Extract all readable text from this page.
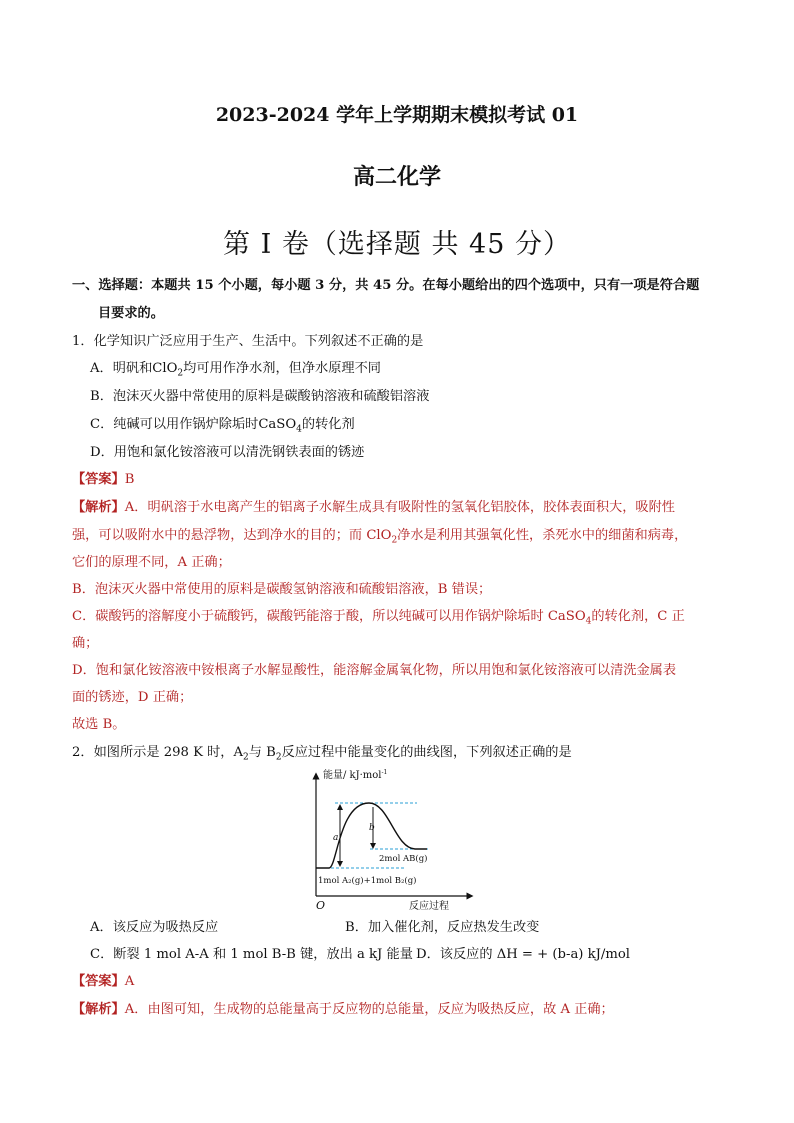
2023-2024 学年上学期期末模拟考试 01
高二化学
第 I 卷（选择题 共 45 分）
一、选择题：本题共 15 个小题，每小题 3 分，共 45 分。在每小题给出的四个选项中，只有一项是符合题
目要求的。
1．化学知识广泛应用于生产、生活中。下列叙述不正确的是
A．明矾和ClO$_2$均可用作净水剂，但净水原理不同
B．泡沫灭火器中常使用的原料是碳酸钠溶液和硫酸铝溶液
C．纯碱可以用作锅炉除垢时CaSO$_4$的转化剂
D．用饱和氯化铵溶液可以清洗钢铁表面的锈迹
【答案】B
【解析】A．明矾溶于水电离产生的铝离子水解生成具有吸附性的氢氧化铝胶体，胶体表面积大，吸附性
强，可以吸附水中的悬浮物，达到净水的目的；而 ClO$_2$净水是利用其强氧化性，杀死水中的细菌和病毒，
它们的原理不同，A 正确；
B．泡沫灭火器中常使用的原料是碳酸氢钠溶液和硫酸铝溶液，B 错误；
C．碳酸钙的溶解度小于硫酸钙，碳酸钙能溶于酸，所以纯碱可以用作锅炉除垢时 CaSO$_4$的转化剂，C 正
确；
D．饱和氯化铵溶液中铵根离子水解显酸性，能溶解金属氧化物，所以用饱和氯化铵溶液可以清洗金属表
面的锈迹，D 正确；
故选 B。
2．如图所示是 298 K 时，$A_2$与 $B_2$反应过程中能量变化的曲线图，下列叙述正确的是
能量/ kJ·mol$^{-1}$
O	反应过程
a
b
2mol AB(g)
1mol A₂(g)+1mol B₂(g)
A．该反应为吸热反应	B．加入催化剂，反应热发生改变
C．断裂 1 mol A-A 和 1 mol B-B 键，放出 a kJ 能量 D．该反应的 ΔH = + (b-a) kJ/mol
【答案】A
【解析】A．由图可知，生成物的总能量高于反应物的总能量，反应为吸热反应，故 A 正确；
